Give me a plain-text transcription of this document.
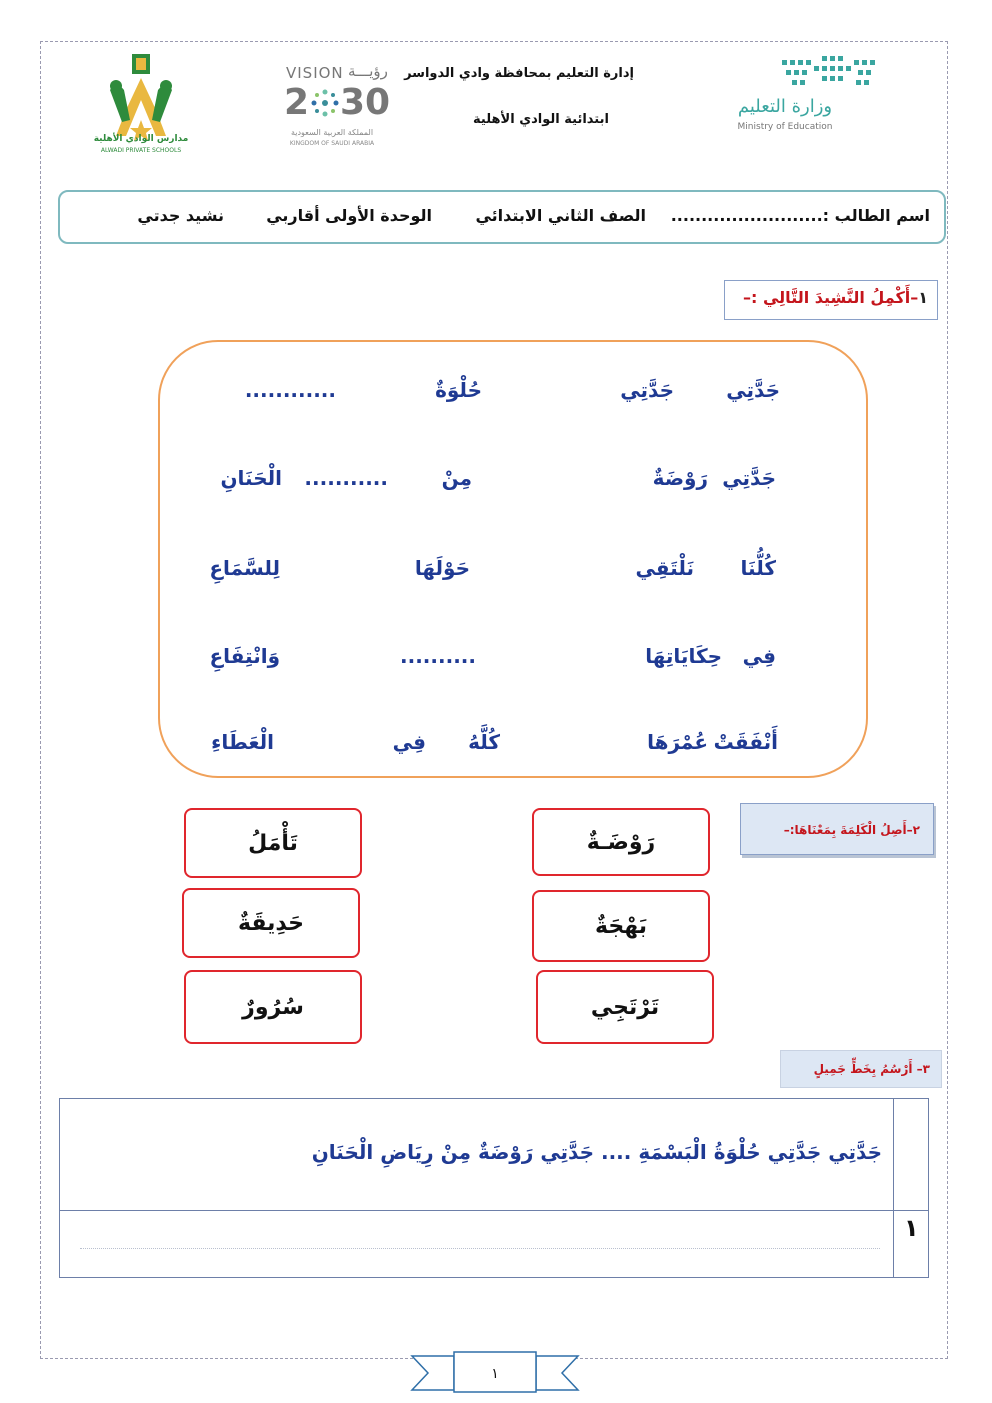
مدارس الوادي الأهلية
ALWADI PRIVATE SCHOOLS
VISION رؤيـــة
2 30
المملكة العربية السعودية
KINGDOM OF SAUDI ARABIA
إدارة التعليم بمحافظة وادي الدواسر
ابتدائية الوادي الأهلية
وزارة التعليم
Ministry of Education
اسم الطالب :.........................
الصف الثاني الابتدائي
الوحدة الأولى أقاربي
نشيد جدتي
١–أَكْمِلُ النَّشِيدَ التَّالِي :–
جَدَّتِي
جَدَّتِي
حُلْوَةٌ
............
جَدَّتِي
رَوْضَةٌ
مِنْ
...........
الْحَنَانِ
كُلُّنَا
نَلْتَقِي
حَوْلَهَا
لِلسَّمَاعِ
فِي
حِكَايَاتِهَا
..........
وَانْتِفَاعِ
أَنْفَقَتْ
عُمْرَهَا
كُلَّهُ
فِي
الْعَطَاءِ
٢–أَصِلُ الْكَلِمَةَ بِمَعْنَاهَا:–
رَوْضَـةٌ
بَهْجَةٌ
تَرْتَجِي
تَأْمَلُ
حَدِيقَةٌ
سُرُورٌ
٣– أَرْسُمُ بِخَطٍّ جَمِيلٍ
جَدَّتِي جَدَّتِي حُلْوَةُ الْبَسْمَةِ .... جَدَّتِي رَوْضَةٌ مِنْ رِيَاضِ الْحَنَانِ
١
١
